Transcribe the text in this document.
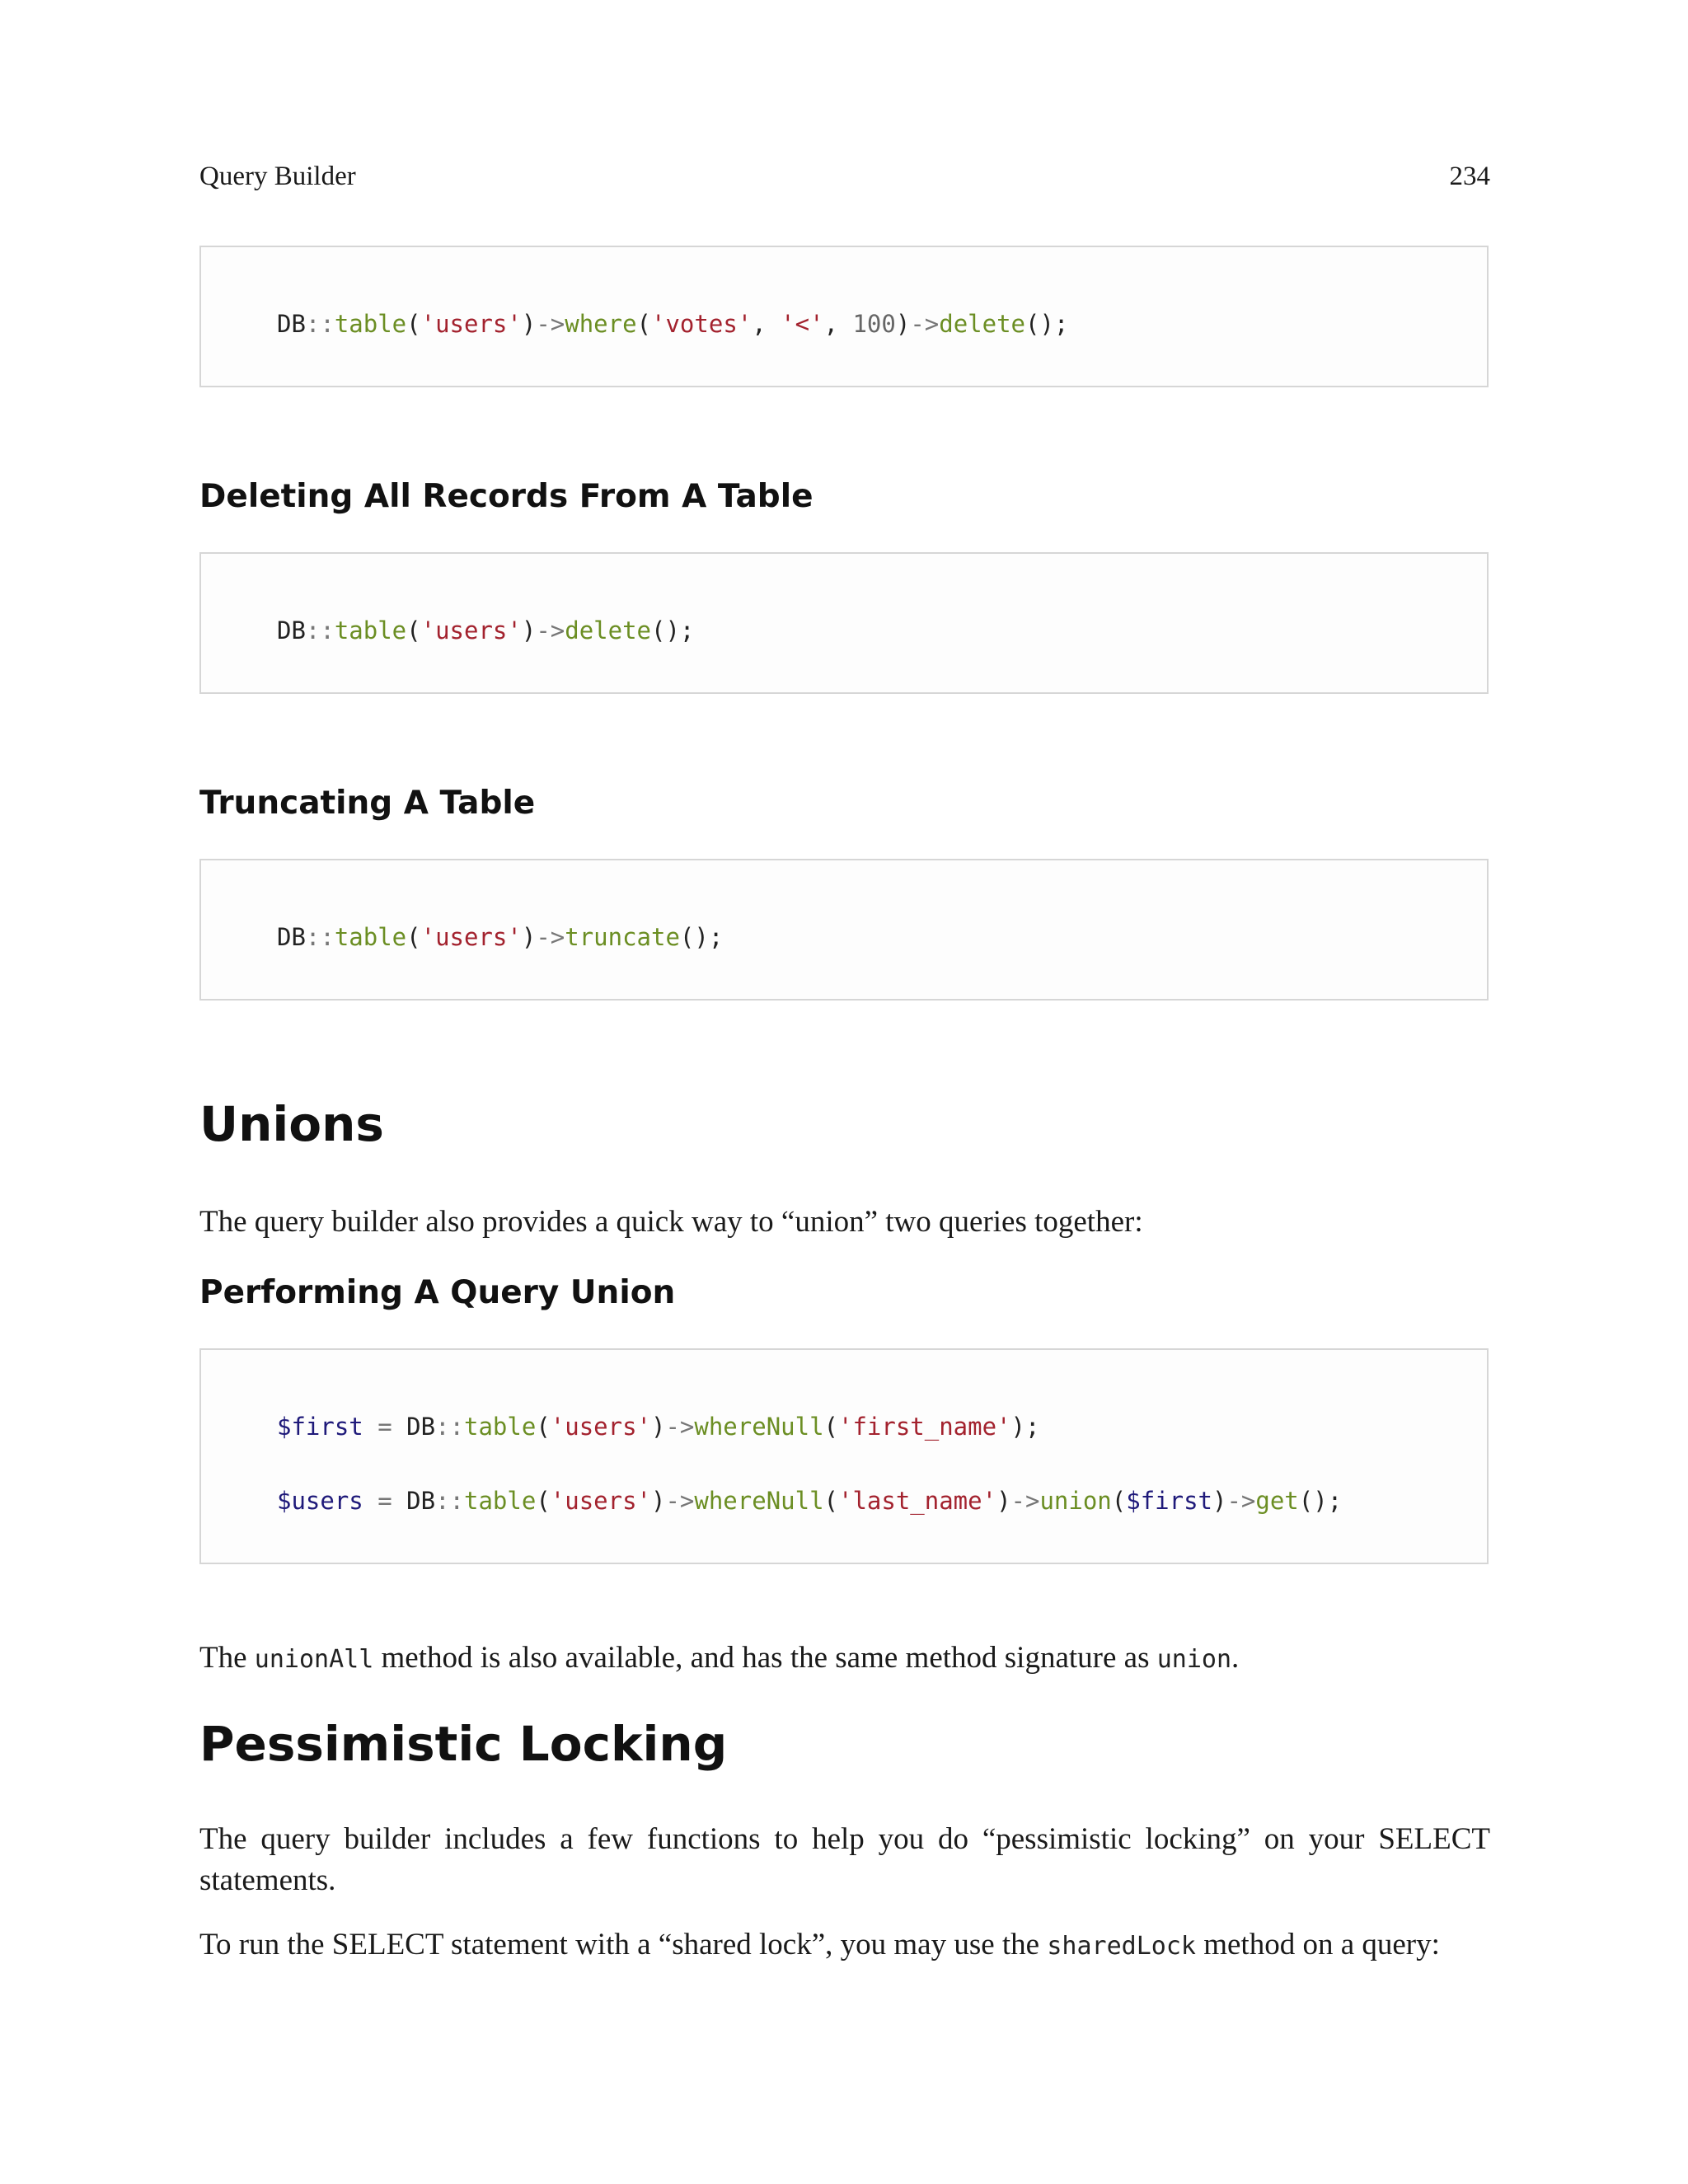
Query Builder	234
DB::table('users')->where('votes', '<', 100)->delete();
Deleting All Records From A Table
DB::table('users')->delete();
Truncating A Table
DB::table('users')->truncate();
Unions

The query builder also provides a quick way to “union” two queries together:

Performing A Query Union
$first = DB::table('users')->whereNull('first_name');
$users = DB::table('users')->whereNull('last_name')->union($first)->get();

The unionAll method is also available, and has the same method signature as union.

Pessimistic Locking

The query builder includes a few functions to help you do “pessimistic locking” on your SELECT statements.

To run the SELECT statement with a “shared lock”, you may use the sharedLock method on a query:
